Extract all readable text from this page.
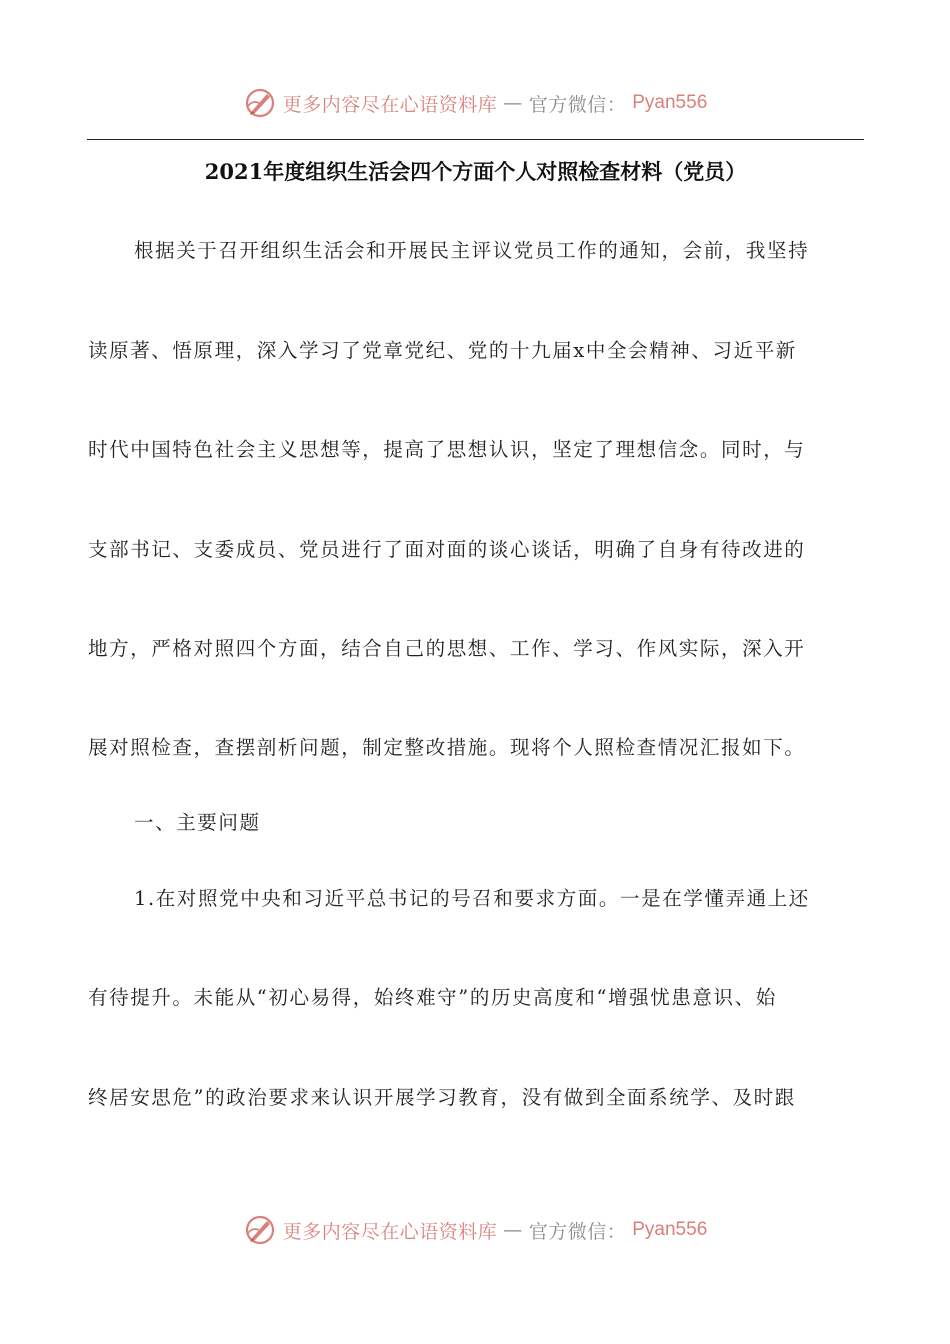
更多内容尽在心语资料库 — 官方微信： Pyan556
2021年度组织生活会四个方面个人对照检查材料（党员）
根据关于召开组织生活会和开展民主评议党员工作的通知，会前，我坚持
读原著、悟原理，深入学习了党章党纪、党的十九届x中全会精神、习近平新
时代中国特色社会主义思想等，提高了思想认识，坚定了理想信念。同时，与
支部书记、支委成员、党员进行了面对面的谈心谈话，明确了自身有待改进的
地方，严格对照四个方面，结合自己的思想、工作、学习、作风实际，深入开
展对照检查，查摆剖析问题，制定整改措施。现将个人照检查情况汇报如下。
一、主要问题
1.在对照党中央和习近平总书记的号召和要求方面。一是在学懂弄通上还
有待提升。未能从“初心易得，始终难守”的历史高度和“增强忧患意识、始
终居安思危”的政治要求来认识开展学习教育，没有做到全面系统学、及时跟
更多内容尽在心语资料库 — 官方微信： Pyan556
